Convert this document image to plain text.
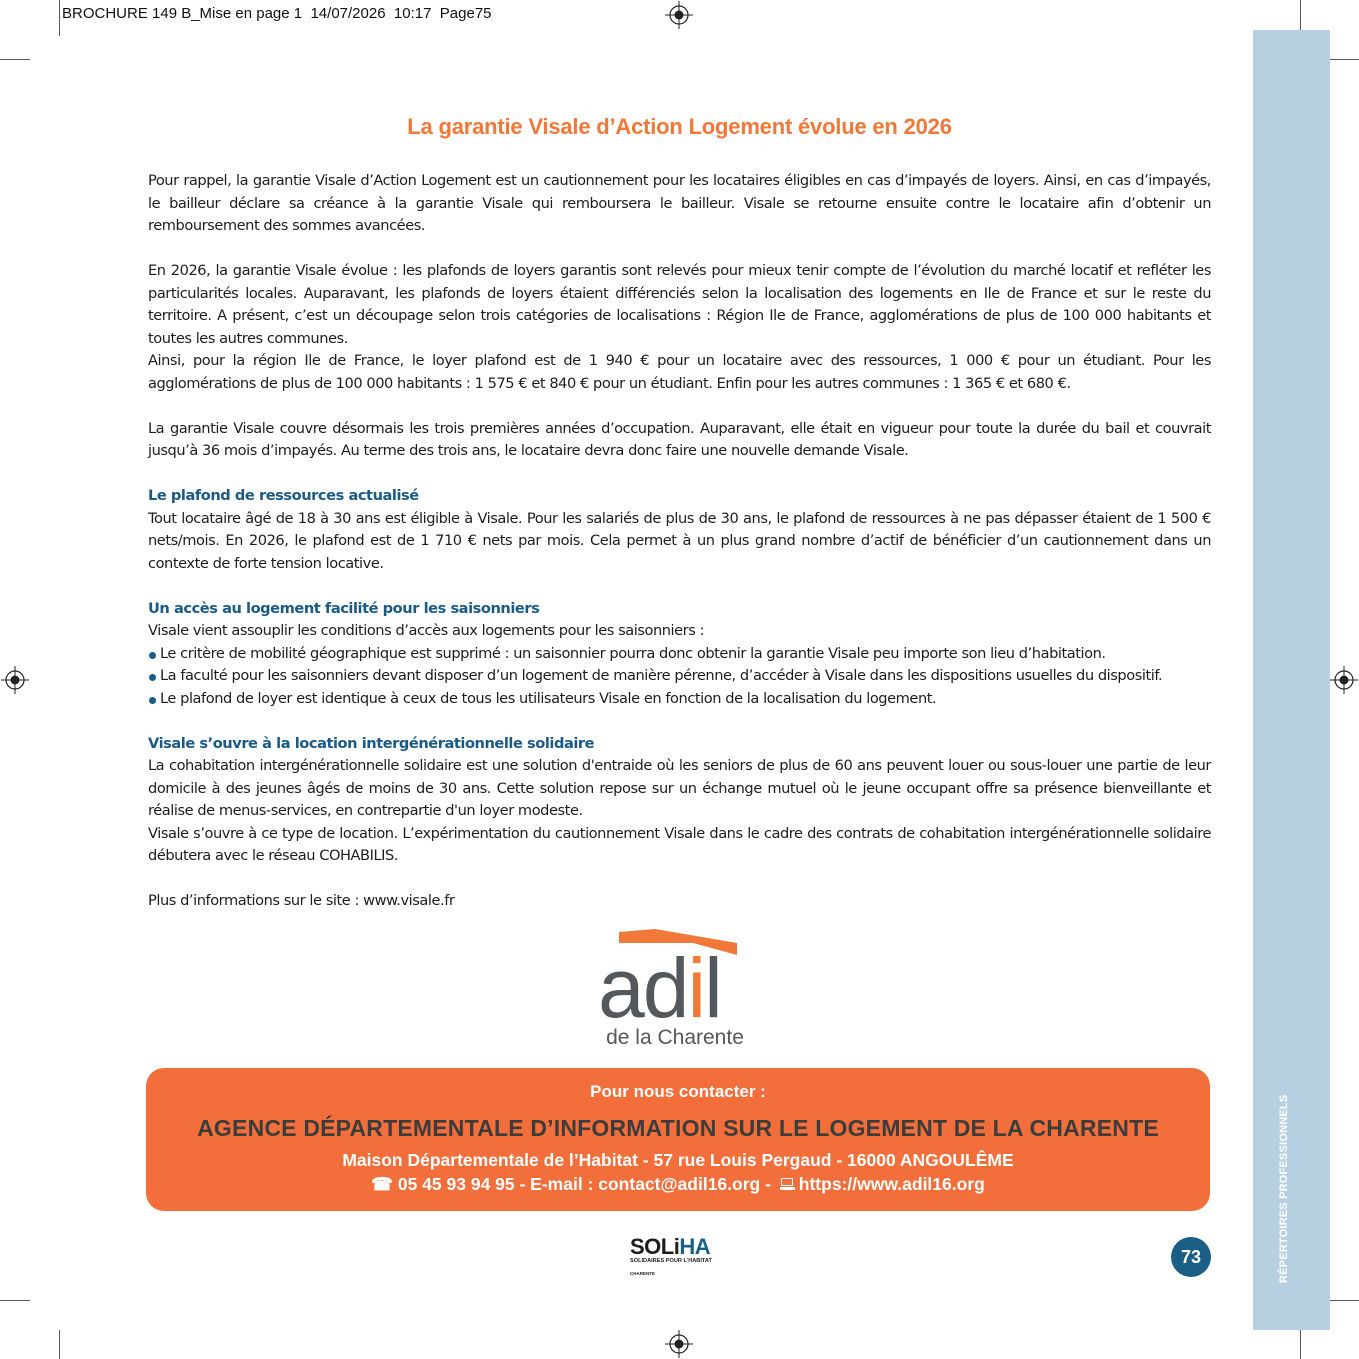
BROCHURE 149 B_Mise en page 1 14/07/2026 10:17 Page75
RÉPERTOIRES PROFESSIONNELS
La garantie Visale d’Action Logement évolue en 2026

Pour rappel, la garantie Visale d’Action Logement est un cautionnement pour les locataires éligibles en cas d’impayés de loyers. Ainsi, en cas d’impayés, le bailleur déclare sa créance à la garantie Visale qui remboursera le bailleur. Visale se retourne ensuite contre le locataire afin d’obtenir un remboursement des sommes avancées.

En 2026, la garantie Visale évolue : les plafonds de loyers garantis sont relevés pour mieux tenir compte de l’évolution du marché locatif et refléter les particularités locales. Auparavant, les plafonds de loyers étaient différenciés selon la localisation des logements en Ile de France et sur le reste du territoire. A présent, c’est un découpage selon trois catégories de localisations : Région Ile de France, agglomérations de plus de 100 000 habitants et toutes les autres communes.

Ainsi, pour la région Ile de France, le loyer plafond est de 1 940 € pour un locataire avec des ressources, 1 000 € pour un étudiant. Pour les agglomérations de plus de 100 000 habitants : 1 575 € et 840 € pour un étudiant. Enfin pour les autres communes : 1 365 € et 680 €.

La garantie Visale couvre désormais les trois premières années d’occupation. Auparavant, elle était en vigueur pour toute la durée du bail et couvrait jusqu’à 36 mois d’impayés. Au terme des trois ans, le locataire devra donc faire une nouvelle demande Visale.

Le plafond de ressources actualisé

Tout locataire âgé de 18 à 30 ans est éligible à Visale. Pour les salariés de plus de 30 ans, le plafond de ressources à ne pas dépasser étaient de 1 500 € nets/mois. En 2026, le plafond est de 1 710 € nets par mois. Cela permet à un plus grand nombre d’actif de bénéficier d’un cautionnement dans un contexte de forte tension locative.

Un accès au logement facilité pour les saisonniers

Visale vient assouplir les conditions d’accès aux logements pour les saisonniers :

Le critère de mobilité géographique est supprimé : un saisonnier pourra donc obtenir la garantie Visale peu importe son lieu d’habitation.
La faculté pour les saisonniers devant disposer d’un logement de manière pérenne, d’accéder à Visale dans les dispositions usuelles du dispositif.
Le plafond de loyer est identique à ceux de tous les utilisateurs Visale en fonction de la localisation du logement.
Visale s’ouvre à la location intergénérationnelle solidaire

La cohabitation intergénérationnelle solidaire est une solution d'entraide où les seniors de plus de 60 ans peuvent louer ou sous-louer une partie de leur domicile à des jeunes âgés de moins de 30 ans. Cette solution repose sur un échange mutuel où le jeune occupant offre sa présence bienveillante et réalise de menus-services, en contrepartie d'un loyer modeste.

Visale s’ouvre à ce type de location. L’expérimentation du cautionnement Visale dans le cadre des contrats de cohabitation intergénérationnelle solidaire débutera avec le réseau COHABILIS.

Plus d’informations sur le site : www.visale.fr

adil
de la Charente
Pour nous contacter :
AGENCE DÉPARTEMENTALE D’INFORMATION SUR LE LOGEMENT DE LA CHARENTE
Maison Départementale de l’Habitat - 57 rue Louis Pergaud - 16000 ANGOULÊME
☎ 05 45 93 94 95 - E-mail : contact@adil16.org -
https://www.adil16.org
SOLiHA
SOLIDAIRES POUR L'HABITAT
CHARENTE
73
